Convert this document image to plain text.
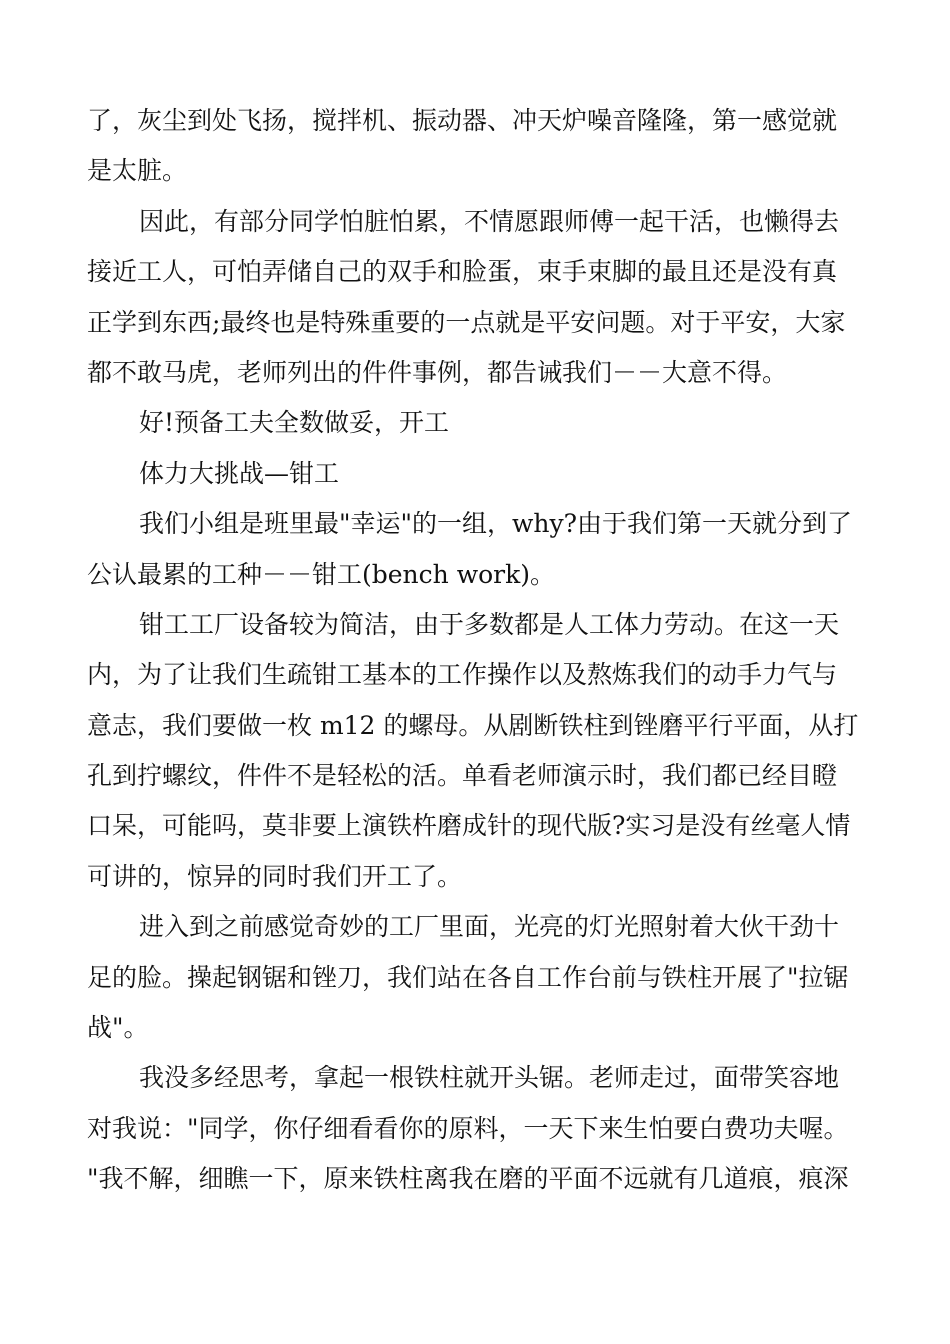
了，灰尘到处飞扬，搅拌机、振动器、冲天炉噪音隆隆，第一感觉就
是太脏。
因此，有部分同学怕脏怕累，不情愿跟师傅一起干活，也懒得去
接近工人，可怕弄储自己的双手和脸蛋，束手束脚的最且还是没有真
正学到东西;最终也是特殊重要的一点就是平安问题。对于平安，大家
都不敢马虎，老师列出的件件事例，都告诫我们－－大意不得。
好!预备工夫全数做妥，开工
体力大挑战—钳工
我们小组是班里最"幸运"的一组，why?由于我们第一天就分到了
公认最累的工种－－钳工(bench work)。
钳工工厂设备较为简洁，由于多数都是人工体力劳动。在这一天
内，为了让我们生疏钳工基本的工作操作以及熬炼我们的动手力气与
意志，我们要做一枚 m12 的螺母。从剧断铁柱到锉磨平行平面，从打
孔到拧螺纹，件件不是轻松的活。单看老师演示时，我们都已经目瞪
口呆，可能吗，莫非要上演铁杵磨成针的现代版?实习是没有丝毫人情
可讲的，惊异的同时我们开工了。
进入到之前感觉奇妙的工厂里面，光亮的灯光照射着大伙干劲十
足的脸。操起钢锯和锉刀，我们站在各自工作台前与铁柱开展了"拉锯
战"。
我没多经思考，拿起一根铁柱就开头锯。老师走过，面带笑容地
对我说："同学，你仔细看看你的原料，一天下来生怕要白费功夫喔。
"我不解，细瞧一下，原来铁柱离我在磨的平面不远就有几道痕，痕深
